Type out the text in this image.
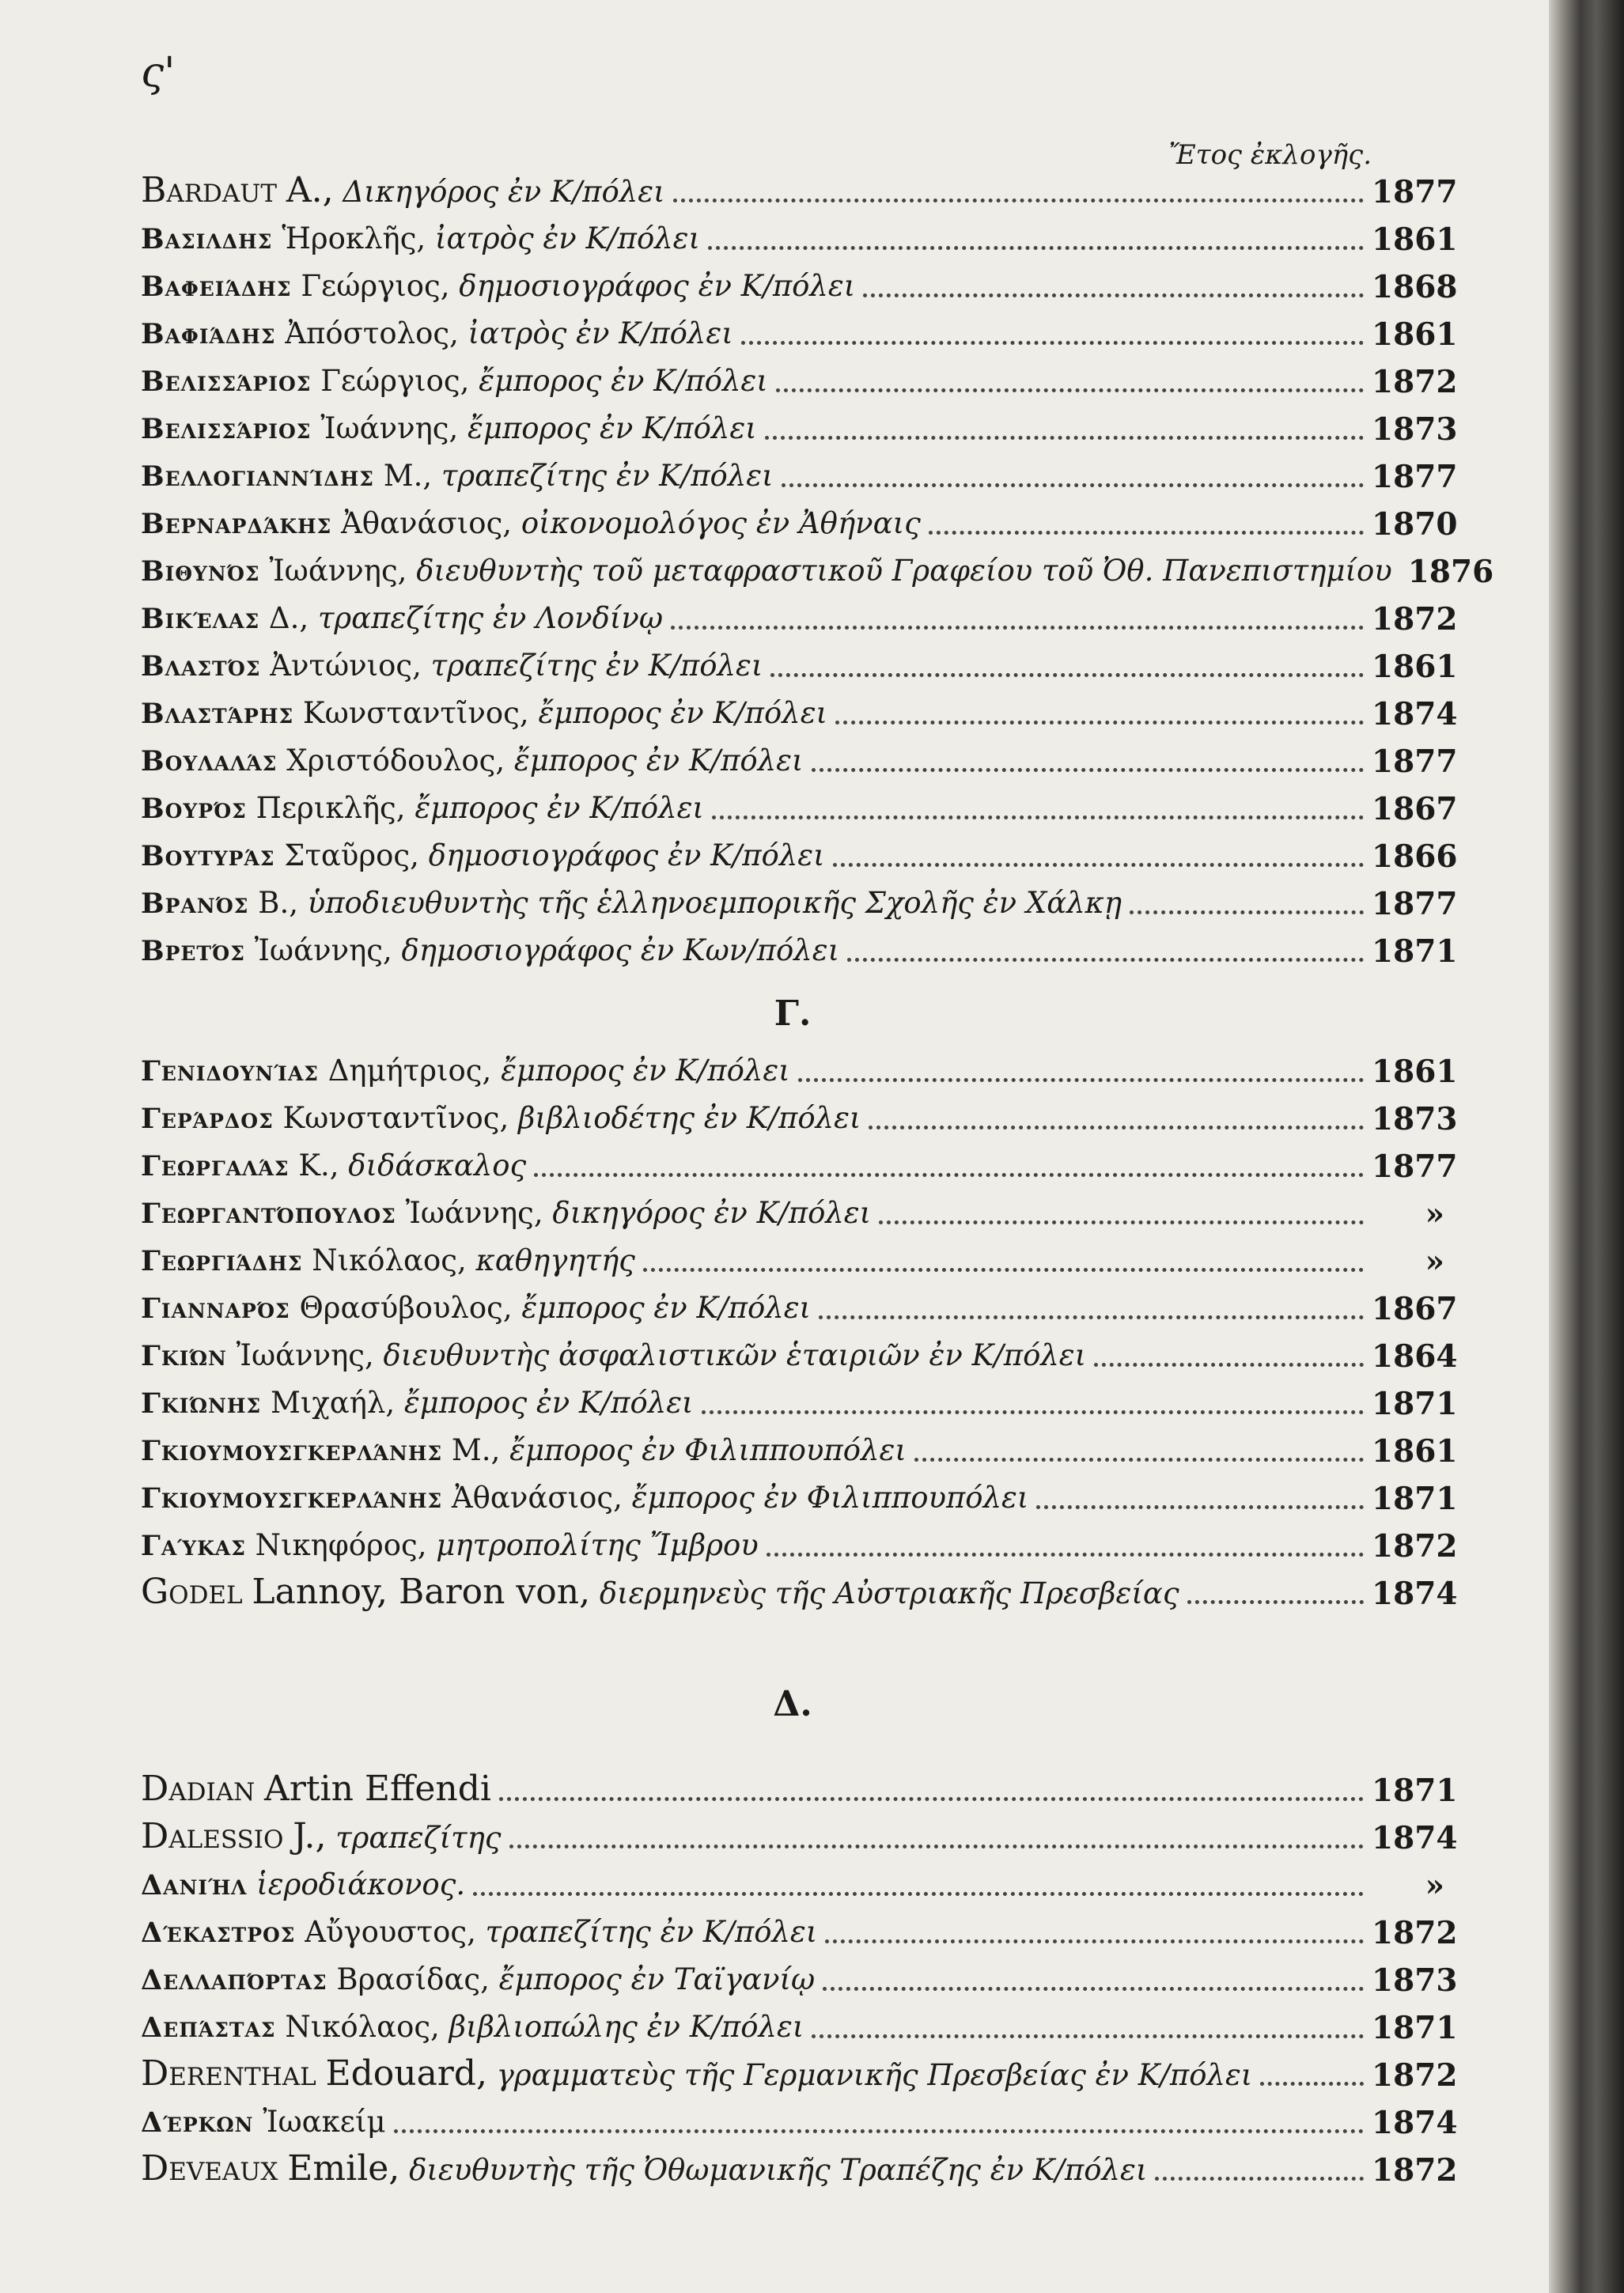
ς'
Ἔτος ἐκλογῆς.
Bardaut A., Δικηγόρος ἐν Κ/πόλει	1877
Βασιλδης Ἡροκλῆς, ἰατρὸς ἐν Κ/πόλει	1861
Βαφειάδης Γεώργιος, δημοσιογράφος ἐν Κ/πόλει	1868
Βαφιάδης Ἀπόστολος, ἰατρὸς ἐν Κ/πόλει	1861
Βελισσάριος Γεώργιος, ἔμπορος ἐν Κ/πόλει	1872
Βελισσάριος Ἰωάννης, ἔμπορος ἐν Κ/πόλει	1873
Βελλογιαννίδης Μ., τραπεζίτης ἐν Κ/πόλει	1877
Βερναρδάκης Ἀθανάσιος, οἰκονομολόγος ἐν Ἀθήναις	1870
Βιθυνός Ἰωάννης, διευθυντὴς τοῦ μεταφραστικοῦ Γραφείου τοῦ Ὀθ. Πανεπιστημίου 1876
Βικέλας Δ., τραπεζίτης ἐν Λονδίνῳ	1872
Βλαστός Ἀντώνιος, τραπεζίτης ἐν Κ/πόλει	1861
Βλαστάρης Κωνσταντῖνος, ἔμπορος ἐν Κ/πόλει	1874
Βουλαλάς Χριστόδουλος, ἔμπορος ἐν Κ/πόλει	1877
Βουρός Περικλῆς, ἔμπορος ἐν Κ/πόλει	1867
Βουτυράς Σταῦρος, δημοσιογράφος ἐν Κ/πόλει	1866
Βρανός Β., ὑποδιευθυντὴς τῆς ἑλληνοεμπορικῆς Σχολῆς ἐν Χάλκῃ	1877
Βρετός Ἰωάννης, δημοσιογράφος ἐν Κων/πόλει	1871
Γ.
Γενιδουνίας Δημήτριος, ἔμπορος ἐν Κ/πόλει	1861
Γεράρδος Κωνσταντῖνος, βιβλιοδέτης ἐν Κ/πόλει	1873
Γεωργαλάς Κ., διδάσκαλος	1877
Γεωργαντόπουλος Ἰωάννης, δικηγόρος ἐν Κ/πόλει	»
Γεωργιάδης Νικόλαος, καθηγητής	»
Γιανναρός Θρασύβουλος, ἔμπορος ἐν Κ/πόλει	1867
Γκιών Ἰωάννης, διευθυντὴς ἀσφαλιστικῶν ἑταιριῶν ἐν Κ/πόλει	1864
Γκιώνης Μιχαήλ, ἔμπορος ἐν Κ/πόλει	1871
Γκιουμουσγκερλάνης Μ., ἔμπορος ἐν Φιλιππουπόλει	1861
Γκιουμουσγκερλάνης Ἀθανάσιος, ἔμπορος ἐν Φιλιππουπόλει	1871
Γαύκας Νικηφόρος, μητροπολίτης Ἴμβρου	1872
Godel Lannoy, Baron von, διερμηνεὺς τῆς Αὐστριακῆς Πρεσβείας	1874
Δ.
Dadian Artin Effendi	1871
Dalessio J., τραπεζίτης	1874
Δανιήλ ἱεροδιάκονος.	»
Δέκαστρος Αὔγουστος, τραπεζίτης ἐν Κ/πόλει	1872
Δελλαπόρτας Βρασίδας, ἔμπορος ἐν Ταϊγανίῳ	1873
Δεπάστας Νικόλαος, βιβλιοπώλης ἐν Κ/πόλει	1871
Derenthal Edouard, γραμματεὺς τῆς Γερμανικῆς Πρεσβείας ἐν Κ/πόλει	1872
Δέρκων Ἰωακείμ	1874
Deveaux Emile, διευθυντὴς τῆς Ὀθωμανικῆς Τραπέζης ἐν Κ/πόλει	1872
